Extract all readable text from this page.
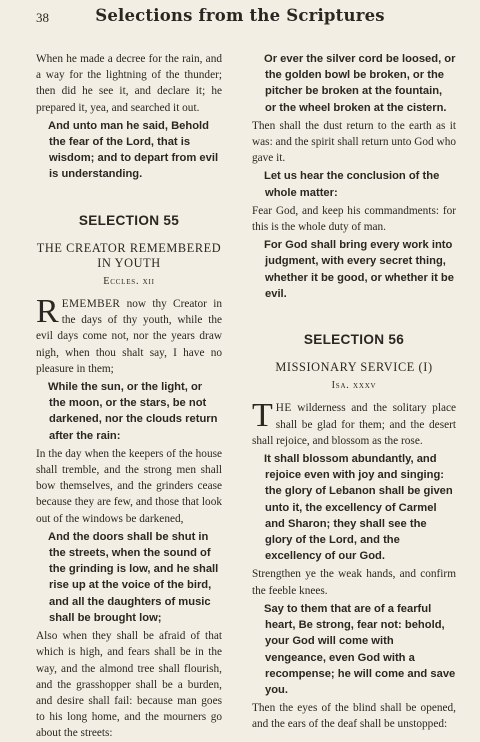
38	Selections from the Scriptures

When he made a decree for the rain, and a way for the lightning of the thunder; then did he see it, and declare it; he prepared it, yea, and searched it out.

And unto man he said, Behold the fear of the Lord, that is wisdom; and to depart from evil is understanding.

SELECTION 55
THE CREATOR REMEMBERED IN YOUTH
Eccles. xii

REMEMBER now thy Creator in the days of thy youth, while the evil days come not, nor the years draw nigh, when thou shalt say, I have no pleasure in them;

While the sun, or the light, or the moon, or the stars, be not darkened, nor the clouds return after the rain:

In the day when the keepers of the house shall tremble, and the strong men shall bow themselves, and the grinders cease because they are few, and those that look out of the windows be darkened,

And the doors shall be shut in the streets, when the sound of the grinding is low, and he shall rise up at the voice of the bird, and all the daughters of music shall be brought low;

Also when they shall be afraid of that which is high, and fears shall be in the way, and the almond tree shall flourish, and the grasshopper shall be a burden, and desire shall fail: because man goes to his long home, and the mourners go about the streets:

Or ever the silver cord be loosed, or the golden bowl be broken, or the pitcher be broken at the fountain, or the wheel broken at the cistern.

Then shall the dust return to the earth as it was: and the spirit shall return unto God who gave it.

Let us hear the conclusion of the whole matter:

Fear God, and keep his commandments: for this is the whole duty of man.

For God shall bring every work into judgment, with every secret thing, whether it be good, or whether it be evil.

SELECTION 56
MISSIONARY SERVICE (I)
Isa. xxxv

THE wilderness and the solitary place shall be glad for them; and the desert shall rejoice, and blossom as the rose.

It shall blossom abundantly, and rejoice even with joy and singing: the glory of Lebanon shall be given unto it, the excellency of Carmel and Sharon; they shall see the glory of the Lord, and the excellency of our God.

Strengthen ye the weak hands, and confirm the feeble knees.

Say to them that are of a fearful heart, Be strong, fear not: behold, your God will come with vengeance, even God with a recompense; he will come and save you.

Then the eyes of the blind shall be opened, and the ears of the deaf shall be unstopped:
